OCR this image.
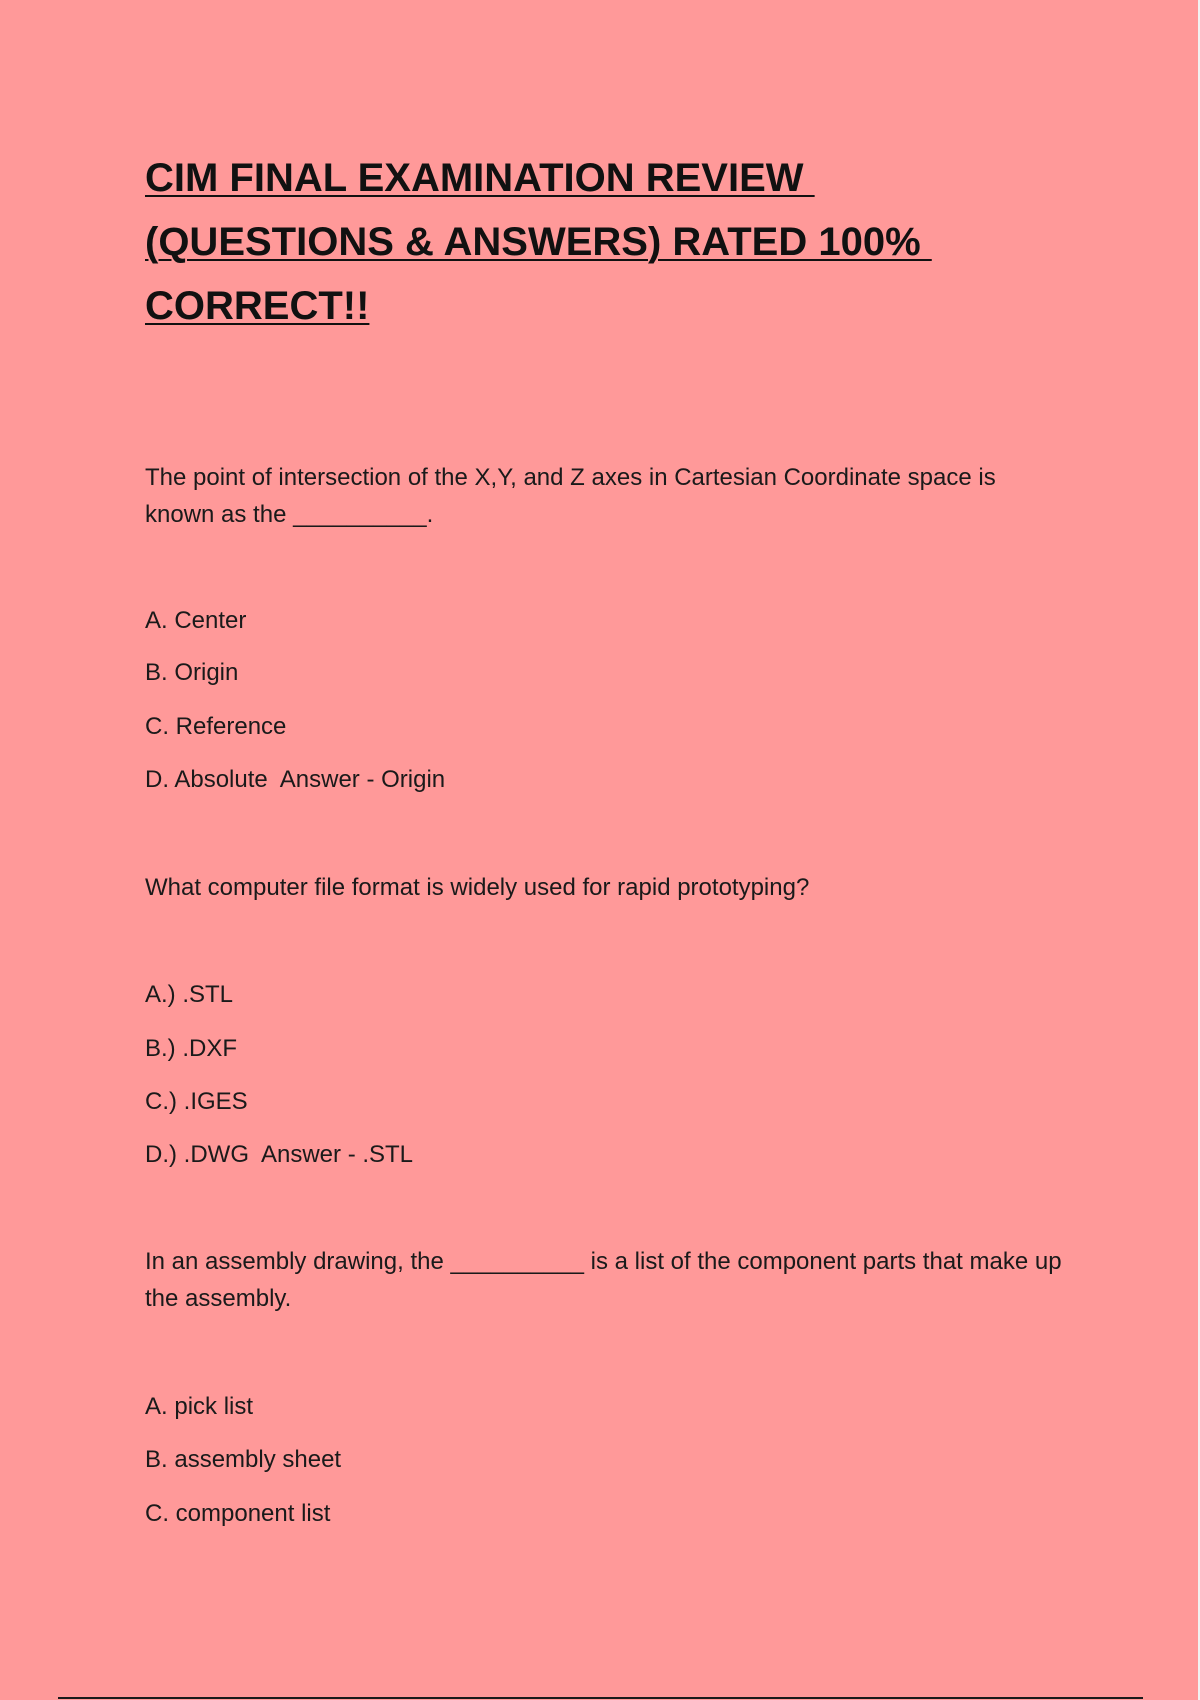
CIM FINAL EXAMINATION REVIEW
(QUESTIONS & ANSWERS) RATED 100%
CORRECT!!
The point of intersection of the X,Y, and Z axes in Cartesian Coordinate space is known as the __________.
A. Center
B. Origin
C. Reference
D. Absolute  Answer - Origin
What computer file format is widely used for rapid prototyping?
A.) .STL
B.) .DXF
C.) .IGES
D.) .DWG  Answer - .STL
In an assembly drawing, the __________ is a list of the component parts that make up the assembly.
A. pick list
B. assembly sheet
C. component list
